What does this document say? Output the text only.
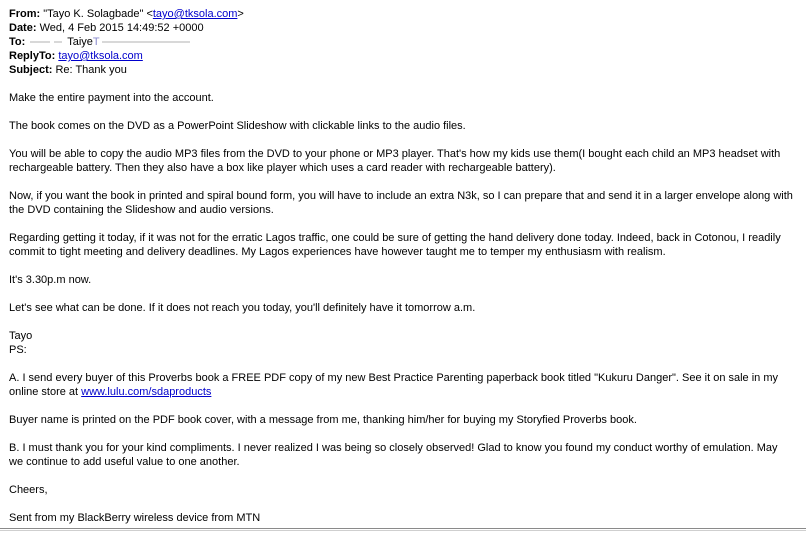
From: "Tayo K. Solagbade" <tayo@tksola.com>
Date: Wed, 4 Feb 2015 14:49:52 +0000
To:	TaiyeT
ReplyTo: tayo@tksola.com
Subject: Re: Thank you
Make the entire payment into the account.
The book comes on the DVD as a PowerPoint Slideshow with clickable links to the audio files.
You will be able to copy the audio MP3 files from the DVD to your phone or MP3 player. That's how my kids use them(I bought each child an MP3 headset with rechargeable battery. Then they also have a box like player which uses a card reader with rechargeable battery).
Now, if you want the book in printed and spiral bound form, you will have to include an extra N3k, so I can prepare that and send it in a larger envelope along with the DVD containing the Slideshow and audio versions.
Regarding getting it today, if it was not for the erratic Lagos traffic, one could be sure of getting the hand delivery done today. Indeed, back in Cotonou, I readily commit to tight meeting and delivery deadlines. My Lagos experiences have however taught me to temper my enthusiasm with realism.
It's 3.30p.m now.
Let's see what can be done. If it does not reach you today, you'll definitely have it tomorrow a.m.
Tayo
PS:
A. I send every buyer of this Proverbs book a FREE PDF copy of my new Best Practice Parenting paperback book titled "Kukuru Danger". See it on sale in my online store at www.lulu.com/sdaproducts
Buyer name is printed on the PDF book cover, with a message from me, thanking him/her for buying my Storyfied Proverbs book.
B. I must thank you for your kind compliments. I never realized I was being so closely observed! Glad to know you found my conduct worthy of emulation. May we continue to add useful value to one another.
Cheers,
Sent from my BlackBerry wireless device from MTN
